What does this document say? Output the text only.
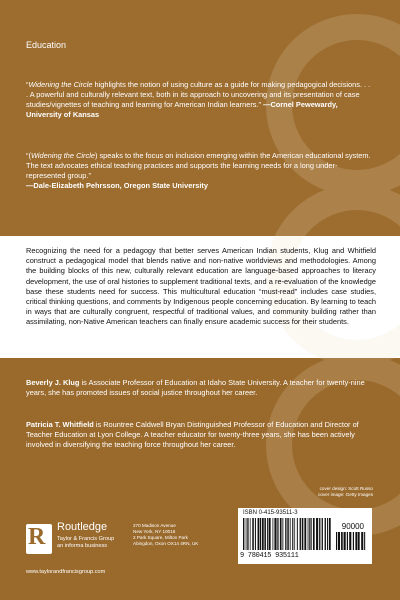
Education
“Widening the Circle highlights the notion of using culture as a guide for making pedagogical decisions. . . . A powerful and culturally relevant text, both in its approach to uncovering and its presentation of case studies/vignettes of teaching and learning for American Indian learners.” —Cornel Pewewardy, University of Kansas
“(Widening the Circle) speaks to the focus on inclusion emerging within the American educational system. The text advocates ethical teaching practices and supports the learning needs for a long under-represented group.”
—Dale-Elizabeth Pehrsson, Oregon State University
Recognizing the need for a pedagogy that better serves American Indian students, Klug and Whitfield construct a pedagogical model that blends native and non-native worldviews and methodologies. Among the building blocks of this new, culturally relevant education are language-based approaches to literacy development, the use of oral histories to supplement traditional texts, and a re-evaluation of the knowledge base these students need for success. This multicultural education “must-read” includes case studies, critical thinking questions, and comments by Indigenous people concerning education. By learning to teach in ways that are culturally congruent, respectful of traditional values, and community building rather than assimilating, non-Native American teachers can finally ensure academic success for their students.
Beverly J. Klug is Associate Professor of Education at Idaho State University. A teacher for twenty-nine years, she has promoted issues of social justice throughout her career.
Patricia T. Whitfield is Rountree Caldwell Bryan Distinguished Professor of Education and Director of Teacher Education at Lyon College. A teacher educator for twenty-three years, she has been actively involved in diversifying the teaching force throughout her career.
cover design: Scott Russo
cover image: Getty Images
R Routledge
Taylor & Francis Group
an informa business
270 Madison Avenue
New York, NY 10016
2 Park Square, Milton Park
Abingdon, Oxon OX14 4RN, UK
www.taylorandfrancisgroup.com
ISBN 0-415-93511-3
90000
9 780415 935111
